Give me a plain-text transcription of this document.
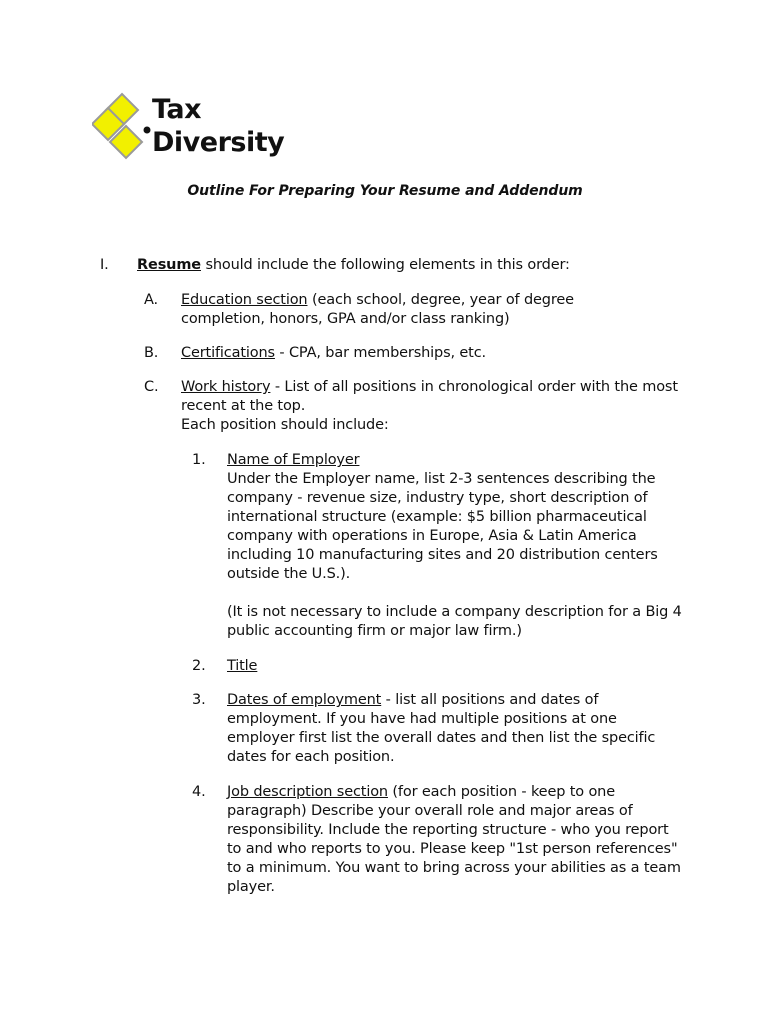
Tax
Diversity
Outline For Preparing Your Resume and Addendum
I. Resume should include the following elements in this order:
A. Education section (each school, degree, year of degree completion, honors, GPA and/or class ranking)
B. Certifications - CPA, bar memberships, etc.
C. Work history - List of all positions in chronological order with the most recent at the top.
Each position should include:
1. Name of Employer
Under the Employer name, list 2-3 sentences describing the company - revenue size, industry type, short description of international structure (example: $5 billion pharmaceutical company with operations in Europe, Asia & Latin America including 10 manufacturing sites and 20 distribution centers outside the U.S.).
(It is not necessary to include a company description for a Big 4 public accounting firm or major law firm.)
2. Title
3. Dates of employment - list all positions and dates of employment. If you have had multiple positions at one employer first list the overall dates and then list the specific dates for each position.
4. Job description section (for each position - keep to one paragraph) Describe your overall role and major areas of responsibility. Include the reporting structure - who you report to and who reports to you. Please keep "1st person references" to a minimum. You want to bring across your abilities as a team player.
